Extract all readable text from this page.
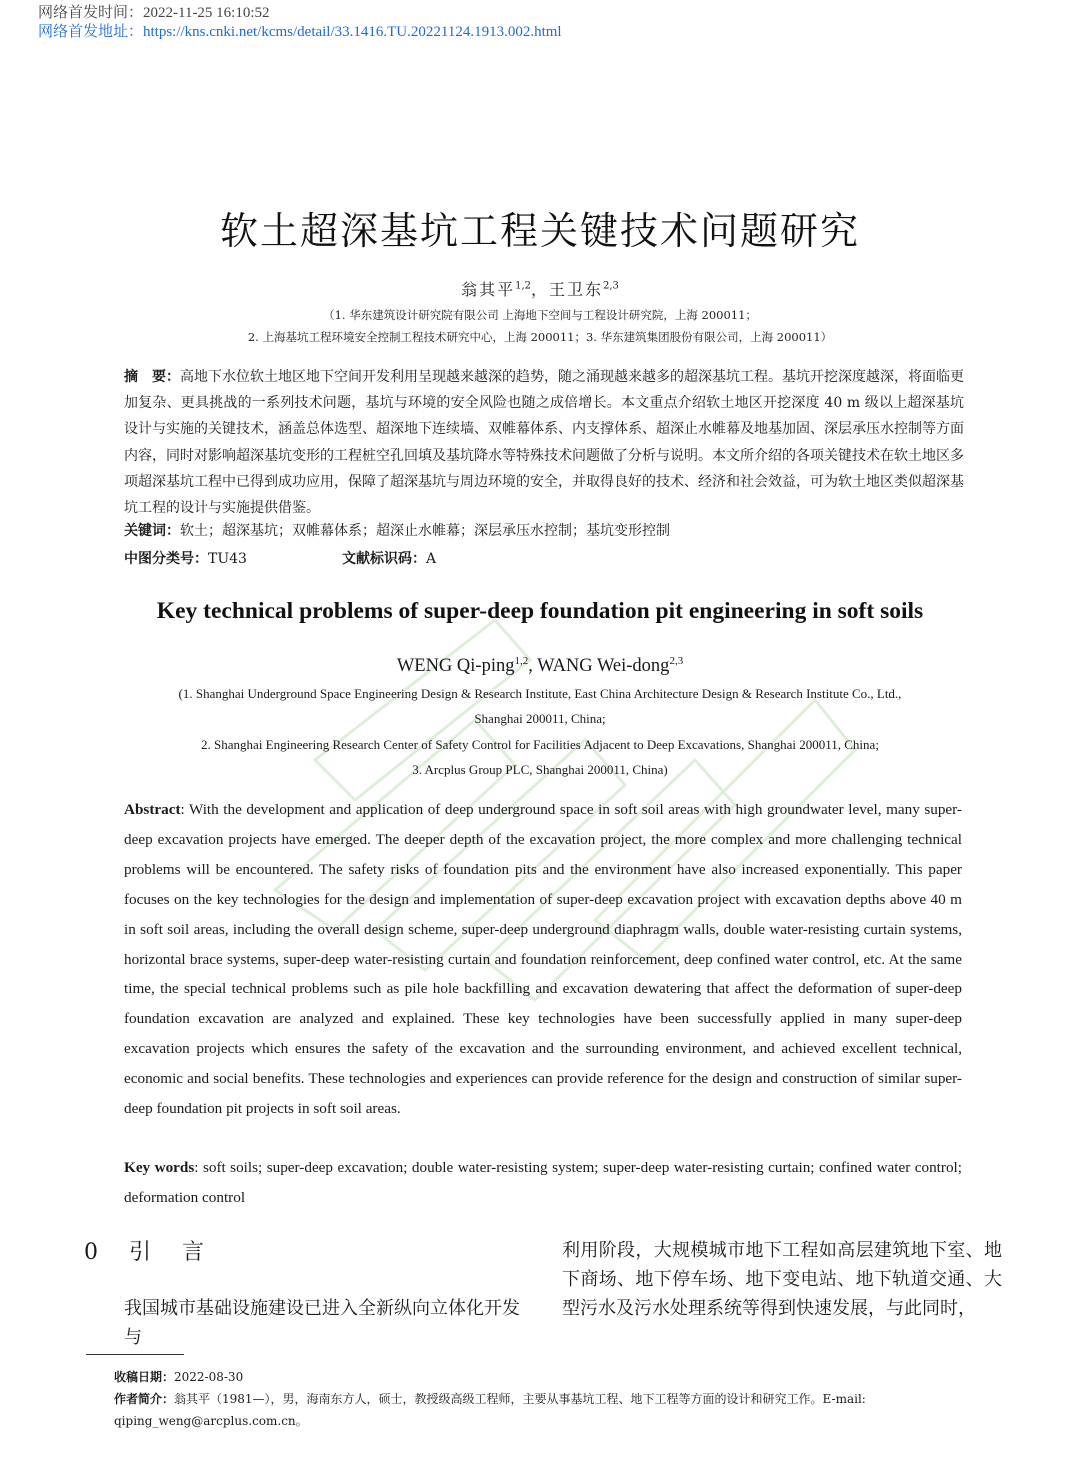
网络首发时间：2022-11-25 16:10:52
网络首发地址：https://kns.cnki.net/kcms/detail/33.1416.TU.20221124.1913.002.html
软土超深基坑工程关键技术问题研究
翁其平$^{1,2}$，王卫东$^{2,3}$
（1. 华东建筑设计研究院有限公司 上海地下空间与工程设计研究院，上海 200011；
2. 上海基坑工程环境安全控制工程技术研究中心，上海 200011；3. 华东建筑集团股份有限公司，上海 200011）
摘　要：高地下水位软土地区地下空间开发利用呈现越来越深的趋势，随之涌现越来越多的超深基坑工程。基坑开挖深度越深，将面临更加复杂、更具挑战的一系列技术问题，基坑与环境的安全风险也随之成倍增长。本文重点介绍软土地区开挖深度 40 m 级以上超深基坑设计与实施的关键技术，涵盖总体选型、超深地下连续墙、双帷幕体系、内支撑体系、超深止水帷幕及地基加固、深层承压水控制等方面内容，同时对影响超深基坑变形的工程桩空孔回填及基坑降水等特殊技术问题做了分析与说明。本文所介绍的各项关键技术在软土地区多项超深基坑工程中已得到成功应用，保障了超深基坑与周边环境的安全，并取得良好的技术、经济和社会效益，可为软土地区类似超深基坑工程的设计与实施提供借鉴。
关键词：软土；超深基坑；双帷幕体系；超深止水帷幕；深层承压水控制；基坑变形控制
中图分类号：TU43	文献标识码：A
Key technical problems of super-deep foundation pit engineering in soft soils
WENG Qi-ping$^{1,2}$, WANG Wei-dong$^{2,3}$
(1. Shanghai Underground Space Engineering Design & Research Institute, East China Architecture Design & Research Institute Co., Ltd.,
Shanghai 200011, China;
2. Shanghai Engineering Research Center of Safety Control for Facilities Adjacent to Deep Excavations, Shanghai 200011, China;
3. Arcplus Group PLC, Shanghai 200011, China)
Abstract: With the development and application of deep underground space in soft soil areas with high groundwater level, many super-deep excavation projects have emerged. The deeper depth of the excavation project, the more complex and more challenging technical problems will be encountered. The safety risks of foundation pits and the environment have also increased exponentially. This paper focuses on the key technologies for the design and implementation of super-deep excavation project with excavation depths above 40 m in soft soil areas, including the overall design scheme, super-deep underground diaphragm walls, double water-resisting curtain systems, horizontal brace systems, super-deep water-resisting curtain and foundation reinforcement, deep confined water control, etc. At the same time, the special technical problems such as pile hole backfilling and excavation dewatering that affect the deformation of super-deep foundation excavation are analyzed and explained. These key technologies have been successfully applied in many super-deep excavation projects which ensures the safety of the excavation and the surrounding environment, and achieved excellent technical, economic and social benefits. These technologies and experiences can provide reference for the design and construction of similar super-deep foundation pit projects in soft soil areas.
Key words: soft soils; super-deep excavation; double water-resisting system; super-deep water-resisting curtain; confined water control; deformation control
0 引 言
我国城市基础设施建设已进入全新纵向立体化开发与
利用阶段，大规模城市地下工程如高层建筑地下室、地下商场、地下停车场、地下变电站、地下轨道交通、大型污水及污水处理系统等得到快速发展，与此同时，
收稿日期：2022-08-30
作者简介：翁其平（1981—），男，海南东方人，硕士，教授级高级工程师，主要从事基坑工程、地下工程等方面的设计和研究工作。E-mail: qiping_weng@arcplus.com.cn。
